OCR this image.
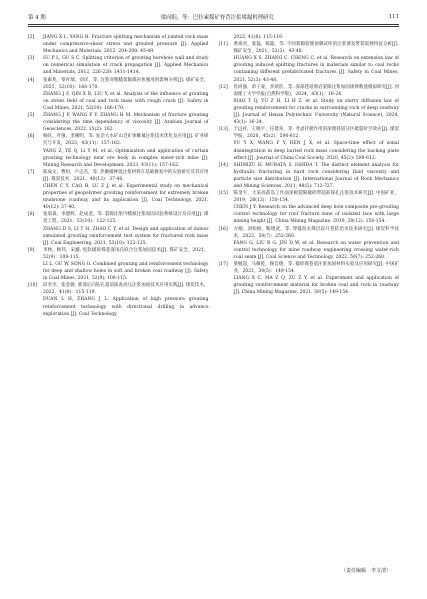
第 4 期	梁向阳，等：巴拉素煤矿脊背注浆堵漏机理研究	111
[2]	JIANG X L, YANG H. Fracture splitting mechanism of jointed rock mass under compressive-shear stress and grouted pressure [J]. Applied Mechanics and Materials, 2012, 204-208: 45-49.

[3]	SU P L, GU S C. Splitting criterion of grouting borehole wall and study on numerical simulation of crack propagation [J]. Applied Mechanics and Materials, 2012, 226-228: 1411-1414.

[4]	张素兆，覃祥瑞，刘洋，等. 注浆对粗糙裂隙煤岩体强度的影响分析[J]. 煤矿安全，2021，52(10)：166-170.

ZHANG J F, QIN X R, LIU Y, et al. Analysis of the influence of grouting on stress field of coal and rock mass with rough crack [J]. Safety in Coal Mines, 2021, 52(10): 166-170.

[5]	ZHANG J F, WANG F Y, ZHANG H M. Mechanism of fracture grouting considering the time dependency of viscosity [J]. Arabian Journal of Geosciences, 2022, 15(2): 182.

[6]	杨旺，叶强，李刚明，等. 复杂大水矿山近矿体帷幕注浆技术优化及应用[J]. 矿业研究与开发，2023，43(11)：157-162.

YANG Z, YE Q, LI Y M, et al. Optimization and application of curtain grouting technology near ore body in complex water-rich mine [J]. Mining Research and Development, 2023, 43(11): 157-162.

[7]	陈成文，曹恒，卢志杰，等. 热聚碳掺混注浆材料在基础修复中的实验研究及其应用[J]. 煤炭技术，2021，40(12)：37-40.

CHEN C Y, CAO H, LU Z J, et al. Experimental study on mechanical properties of geopolymer grouting reinforcement for extremely broken mudstone roadway and its application [J]. Coal Technology, 2021, 40(12): 37-40.

[8]	张道森，李德辉，赵成金，等. 裂隙注浆内模拟注浆加固试验系统设计及应用[J]. 煤炭工程，2021，53(10)：122-125.

ZHANG D S, LI T H, ZHAO C Y, et al. Design and application of indoor simulated grouting reinforcement test system for fractured rock mass [J]. Coal Engineering, 2021, 53(10): 122-125.

[9]	李林，顾伟，宋璇. 松软破碎煤巷深浅孔联合注浆加固技术[J]. 煤矿安全，2021，52(9)：108-115.

LI L, GU W, SONG G. Combined grouting and reinforcement technology for deep and shallow holes in soft and broken coal roadway [J]. Safety in Coal Mines, 2021, 52(9): 108-115.

[10]	段李杰，张金骏. 底部定向钻孔超前探查高压注浆加固技术应用实践[J]. 煤炭技术，2022，41(6)：115-119.

DUAN L H, ZHANG J L. Application of high pressure grouting reinforcement technology with directional drilling in advance exploration [J]. Coal Technology,

2022, 41(6): 115-119.

[11]	黄竣君，张磊，陈聪，等. 不同裂隙裂缝预制试样的注浆诱发带裂裂展特征分析[J]. 煤矿安全，2021，52(3)：43-48.

HUANG X S, ZHANG C, CHENG C, et al. Research on extension law of grouting induced splitting fractures in materials similar to coal rocks containing different prefabricated fractures [J]. Safety in Coal Mines, 2021, 52(3): 43-48.

[12]	肖同强，余子豪，李炳浩，等. 深部巷道围岩裂隙注浆加固规律数值模拟研究[J]. 河南理工大学学报(自然科学版)，2024，43(1)：16-24.

XIAO T Q, YU Z H, LI H Z, et al. Study on slurry diffusion law of grouting reinforcement for cracks in surrounding rock of deep roadway [J]. Journal of Henan Polytechnic University (Natural Science), 2024, 43(1): 16-24.

[13]	于远祥，王晓宇，任建喜，等. 考虑托板作用的深埋巷道分区破裂时空效应[J]. 煤炭学报，2020，45(2)：598-612.

YU Y X, WANG F Y, REN J X, et al. Space-time effect of zonal disintegration in deep buried rock mass considering the backing plate effect [J]. Journal of China Coal Society, 2020, 45(2): 598-612.

[14]	SHIMIZU H, MURATA S, ISHIDA T. The distinct element analysis for hydraulic fracturing in hard rock considering fluid viscosity and particle size distribution [J]. International Journal of Rock Mechanics and Mining Sciences, 2011, 48(5): 712-727.

[15]	陈金宇，大采高孤岛工作面顶板裂隙破碎带超前探孔注浆技术研究[J]. 中国矿业，2019，28(12)：150-154.

CHEN J Y. Research on the advanced deep hole composite pre-grouting control technology for roof fracture zone of isolated face with large mining height [J]. China Mining Magazine, 2019, 28(12): 150-154.

[16]	方刚，刘柏根，靳德武，等. 穿越泥水煤层段升巷防治水技术研究[J]. 煤炭科学技术，2022，50(7)：252-260.

FANG G, LIU B G, JIN D W, et al. Research on water prevention and control technology for mine roadway engineering crossing water-rich coal seam [J]. Coal Science and Technology, 2022, 50(7): 252-260.

[17]	梁勉超，马佩乾，顾自德，等. 破碎煤巷道注浆加固材料实验及应用研究[J]. 中国矿业，2021，30(5)：149-154.

LIANG X C, MA Z Q, ZU Z Y, et al. Experiment and application of grouting reinforcement material for broken coal and rock in roadway [J]. China Mining Magazine, 2021, 30(5): 149-154.

（责任编辑　李文清）
